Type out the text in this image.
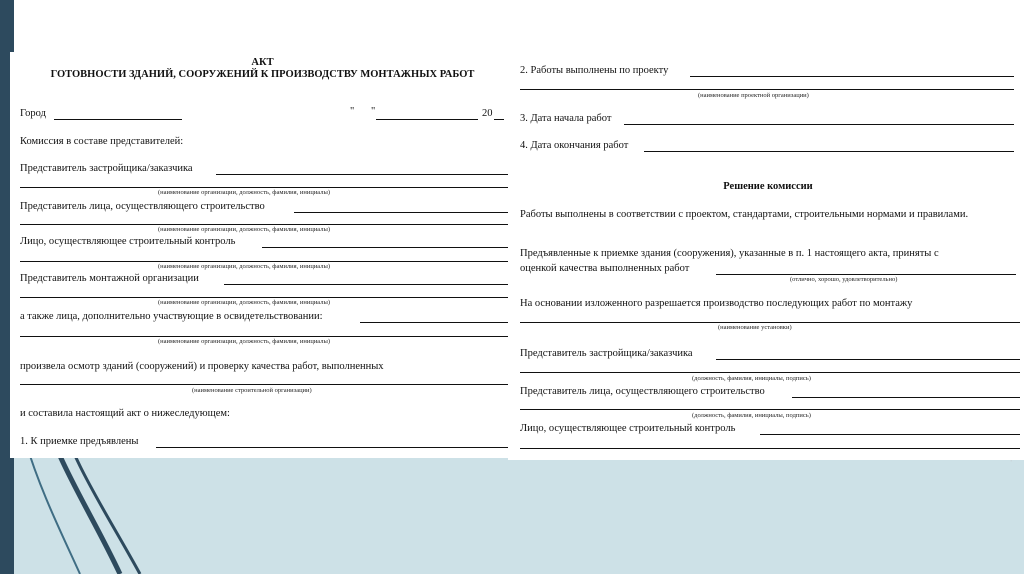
АКТ
ГОТОВНОСТИ ЗДАНИЙ, СООРУЖЕНИЙ К ПРОИЗВОДСТВУ МОНТАЖНЫХ РАБОТ
Город	" "	20
Комиссия в составе представителей:
Представитель застройщика/заказчика
(наименование организации, должность, фамилия, инициалы)
Представитель лица, осуществляющего строительство
(наименование организации, должность, фамилия, инициалы)
Лицо, осуществляющее строительный контроль
(наименование организации, должность, фамилия, инициалы)
Представитель монтажной организации
(наименование организации, должность, фамилия, инициалы)
а также лица, дополнительно участвующие в освидетельствовании:
(наименование организации, должность, фамилия, инициалы)
произвела осмотр зданий (сооружений) и проверку качества работ, выполненных
(наименование строительной организации)
и составила настоящий акт о нижеследующем:
1. К приемке предъявлены
2. Работы выполнены по проекту
(наименование проектной организации)
3. Дата начала работ
4. Дата окончания работ
Решение комиссии
Работы выполнены в соответствии с проектом, стандартами, строительными нормами и правилами.
Предъявленные к приемке здания (сооружения), указанные в п. 1 настоящего акта, приняты с
оценкой качества выполненных работ
(отлично, хорошо, удовлетворительно)
На основании изложенного разрешается производство последующих работ по монтажу
(наименование установки)
Представитель застройщика/заказчика
(должность, фамилия, инициалы, подпись)
Представитель лица, осуществляющего строительство
(должность, фамилия, инициалы, подпись)
Лицо, осуществляющее строительный контроль
